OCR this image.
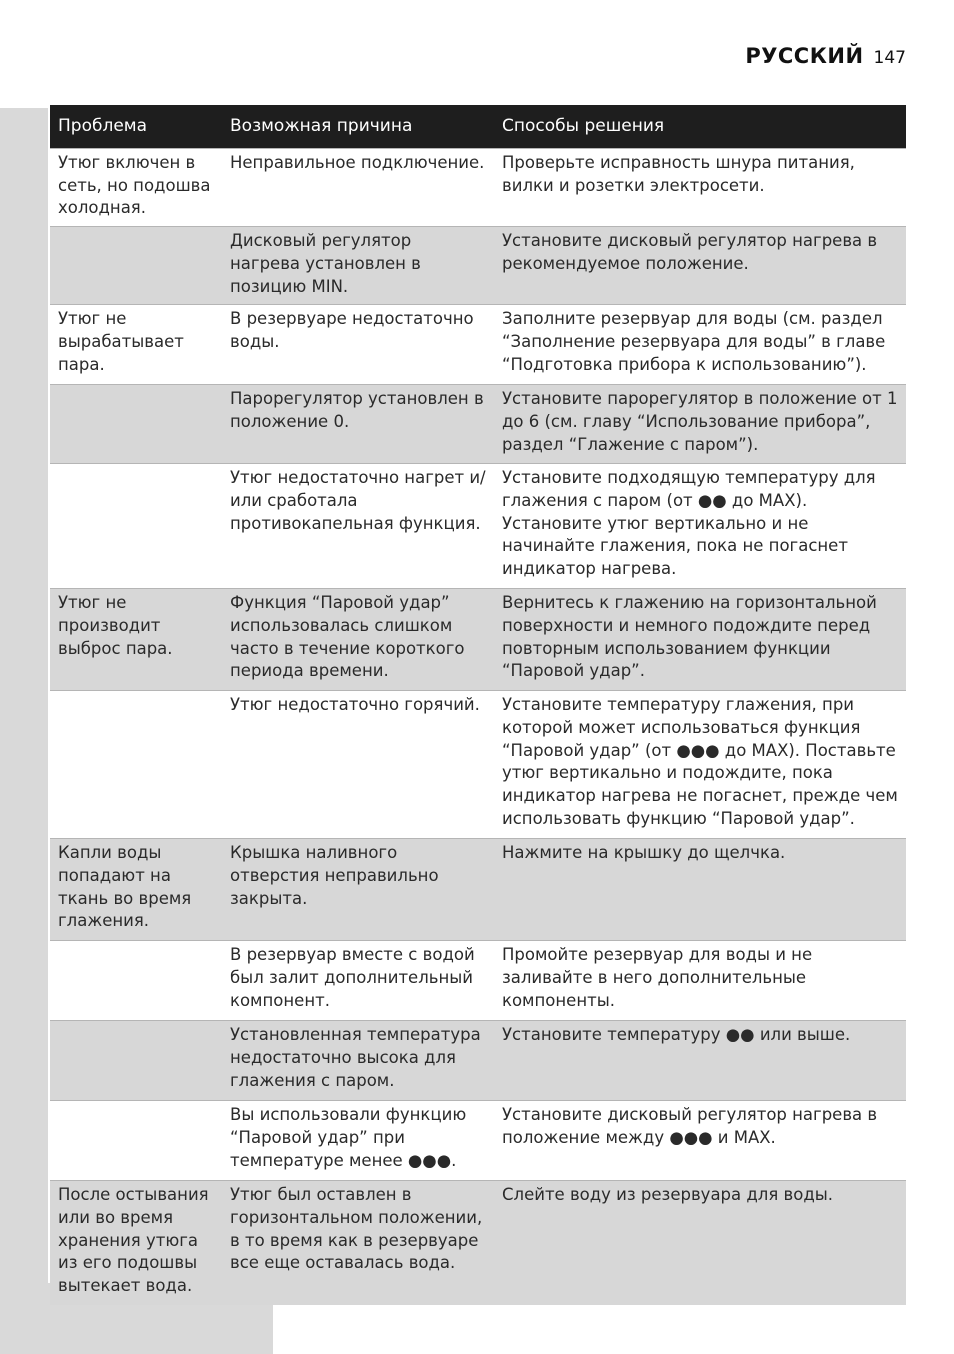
РУССКИЙ 147
Проблема	Возможная причина	Способы решения
Утюг включен в сеть, но подошва холодная.	Неправильное подключение.	Проверьте исправность шнура питания, вилки и розетки электросети.
	Дисковый регулятор нагрева установлен в позицию MIN.	Установите дисковый регулятор нагрева в рекомендуемое положение.
Утюг не вырабатывает пара.	В резервуаре недостаточно воды.	Заполните резервуар для воды (см. раздел “Заполнение резервуара для воды” в главе “Подготовка прибора к использованию”).
	Парорегулятор установлен в положение 0.	Установите парорегулятор в положение от 1 до 6 (см. главу “Использование прибора”, раздел “Глажение с паром”).
	Утюг недостаточно нагрет и/или сработала противокапельная функция.	Установите подходящую температуру для глажения с паром (от ●● до MAX). Установите утюг вертикально и не начинайте глажения, пока не погаснет индикатор нагрева.
Утюг не производит выброс пара.	Функция “Паровой удар” использовалась слишком часто в течение короткого периода времени.	Вернитесь к глажению на горизонтальной поверхности и немного подождите перед повторным использованием функции “Паровой удар”.
	Утюг недостаточно горячий.	Установите температуру глажения, при которой может использоваться функция “Паровой удар” (от ●●● до MAX). Поставьте утюг вертикально и подождите, пока индикатор нагрева не погаснет, прежде чем использовать функцию “Паровой удар”.
Капли воды попадают на ткань во время глажения.	Крышка наливного отверстия неправильно закрыта.	Нажмите на крышку до щелчка.
	В резервуар вместе с водой был залит дополнительный компонент.	Промойте резервуар для воды и не заливайте в него дополнительные компоненты.
	Установленная температура недостаточно высока для глажения с паром.	Установите температуру ●● или выше.
	Вы использовали функцию “Паровой удар” при температуре менее ●●●.	Установите дисковый регулятор нагрева в положение между ●●● и MAX.
После остывания или во время хранения утюга из его подошвы вытекает вода.	Утюг был оставлен в горизонтальном положении, в то время как в резервуаре все еще оставалась вода.	Слейте воду из резервуара для воды.
